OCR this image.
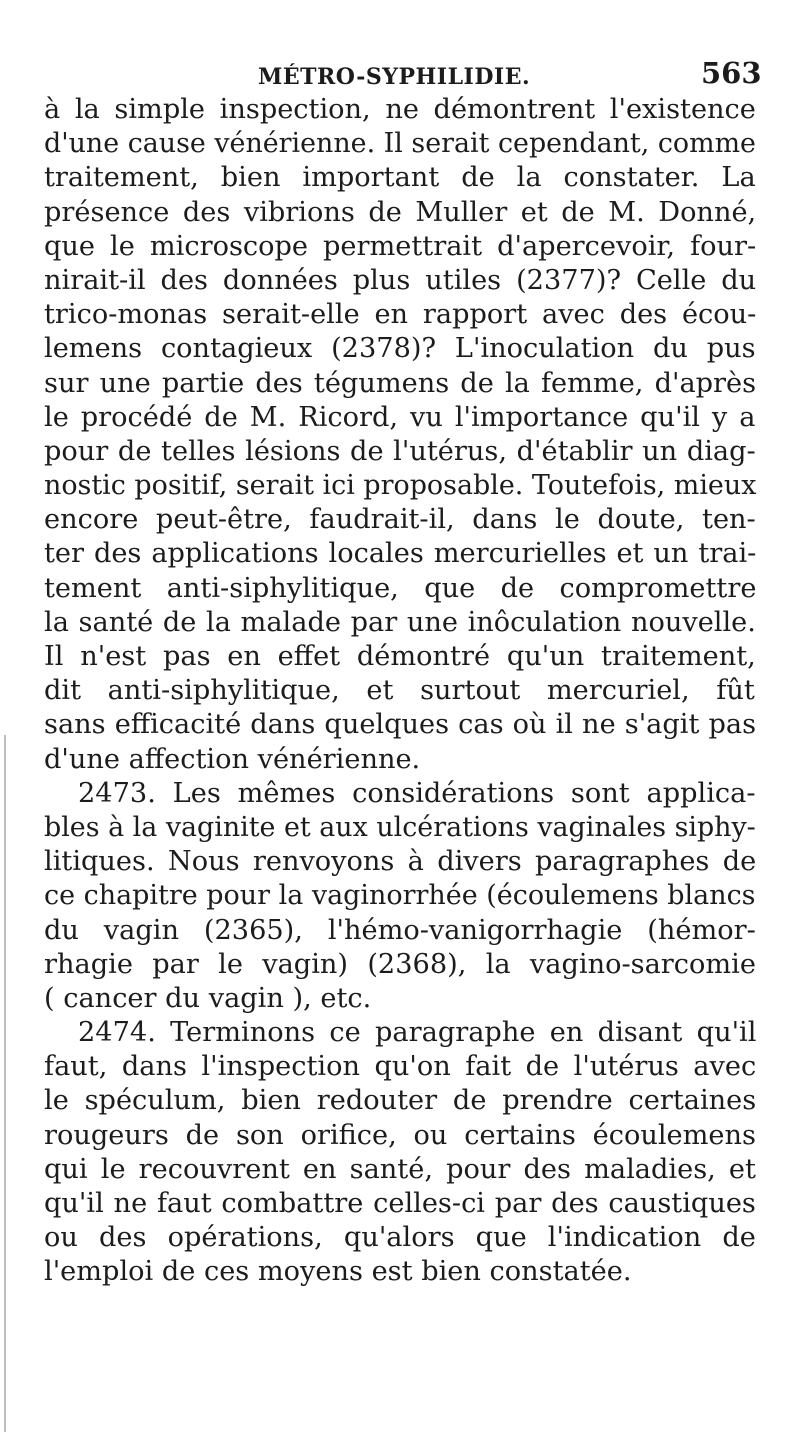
MÉTRO-SYPHILIDIE.	563
à la simple inspection, ne démontrent l'existence
d'une cause vénérienne. Il serait cependant, comme
traitement, bien important de la constater. La
présence des vibrions de Muller et de M. Donné,
que le microscope permettrait d'apercevoir, four-
nirait-il des données plus utiles (2377)? Celle du
trico-monas serait-elle en rapport avec des écou-
lemens contagieux (2378)? L'inoculation du pus
sur une partie des tégumens de la femme, d'après
le procédé de M. Ricord, vu l'importance qu'il y a
pour de telles lésions de l'utérus, d'établir un diag-
nostic positif, serait ici proposable. Toutefois, mieux
encore peut-être, faudrait-il, dans le doute, ten-
ter des applications locales mercurielles et un trai-
tement anti-siphylitique, que de compromettre
la santé de la malade par une inôculation nouvelle.
Il n'est pas en effet démontré qu'un traitement,
dit anti-siphylitique, et surtout mercuriel, fût
sans efficacité dans quelques cas où il ne s'agit pas
d'une affection vénérienne.
2473. Les mêmes considérations sont applica-
bles à la vaginite et aux ulcérations vaginales siphy-
litiques. Nous renvoyons à divers paragraphes de
ce chapitre pour la vaginorrhée (écoulemens blancs
du vagin (2365), l'hémo-vanigorrhagie (hémor-
rhagie par le vagin) (2368), la vagino-sarcomie
( cancer du vagin ), etc.
2474. Terminons ce paragraphe en disant qu'il
faut, dans l'inspection qu'on fait de l'utérus avec
le spéculum, bien redouter de prendre certaines
rougeurs de son orifice, ou certains écoulemens
qui le recouvrent en santé, pour des maladies, et
qu'il ne faut combattre celles-ci par des caustiques
ou des opérations, qu'alors que l'indication de
l'emploi de ces moyens est bien constatée.
